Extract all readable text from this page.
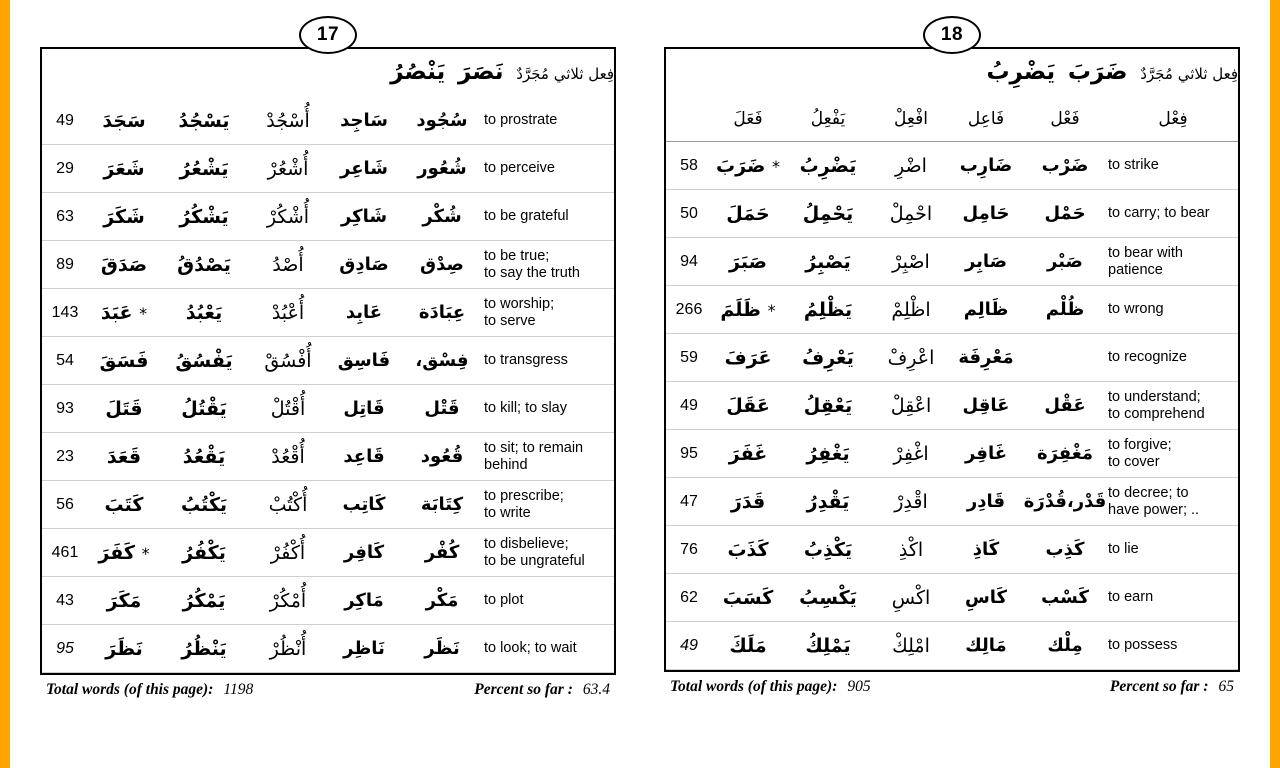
17
فِعل ثلاثي مُجَرَّدٌ  نَصَرَ  يَنْصُرُ						
49	سَجَدَ	يَسْجُدُ	أُسْجُدْ	سَاجِد	سُجُود	to prostrate
29	شَعَرَ	يَشْعُرُ	أُشْعُرْ	شَاعِر	شُعُور	to perceive
63	شَكَرَ	يَشْكُرُ	أُشْكُرْ	شَاكِر	شُكْر	to be grateful
89	صَدَقَ	يَصْدُقُ	أُصْدُ	صَادِق	صِدْق	to be true;
to say the truth

143	* عَبَدَ	يَعْبُدُ	أُعْبُدْ	عَابِد	عِبَادَة	to worship;
to serve

54	فَسَقَ	يَفْسُقُ	أُفْسُقْ	فَاسِق	فِسْق،	to transgress
93	قَتَلَ	يَقْتُلُ	أُقْتُلْ	قَاتِل	قَتْل	to kill; to slay
23	قَعَدَ	يَقْعُدُ	أُقْعُدْ	قَاعِد	قُعُود	to sit; to remain
behind

56	كَتَبَ	يَكْتُبُ	أُكْتُبْ	كَاتِب	كِتَابَة	to prescribe;
to write

461	* كَفَرَ	يَكْفُرُ	أُكْفُرْ	كَافِر	كُفْر	to disbelieve;
to be ungrateful

43	مَكَرَ	يَمْكُرُ	أُمْكُرْ	مَاكِر	مَكْر	to plot
95	نَظَرَ	يَنْظُرُ	أُنْظُرْ	نَاظِر	نَظَر	to look; to wait
Total words (of this page): 1198	Percent so far : 63.4
18
فِعل ثلاثي مُجَرَّدٌ  ضَرَبَ  يَضْرِبُ						
	فَعَلَ	يَفْعِلُ	افْعِلْ	فَاعِل	فَعْل	فِعْل
58	* ضَرَبَ	يَضْرِبُ	اضْرِ	ضَارِب	ضَرْب	to strike
50	حَمَلَ	يَحْمِلُ	احْمِلْ	حَامِل	حَمْل	to carry; to bear
94	صَبَرَ	يَصْبِرُ	اصْبِرْ	صَابِر	صَبْر	to bear with
patience

266	* ظَلَمَ	يَظْلِمُ	اظْلِمْ	ظَالِم	ظُلْم	to wrong
59	عَرَفَ	يَعْرِفُ	اعْرِفْ	مَعْرِفَة		to recognize
49	عَقَلَ	يَعْقِلُ	اعْقِلْ	عَاقِل	عَقْل	to understand;
to comprehend

95	غَفَرَ	يَغْفِرُ	اغْفِرْ	غَافِر	مَغْفِرَة	to forgive;
to cover

47	قَدَرَ	يَقْدِرُ	اقْدِرْ	قَادِر	قَدْر،قُدْرَة	to decree; to
have power; ..

76	كَذَبَ	يَكْذِبُ	اكْذِ	كَاذِ	كَذِب	to lie
62	كَسَبَ	يَكْسِبُ	اكْسِ	كَاسِ	كَسْب	to earn
49	مَلَكَ	يَمْلِكُ	امْلِكْ	مَالِك	مِلْك	to possess
Total words (of this page): 905	Percent so far : 65
